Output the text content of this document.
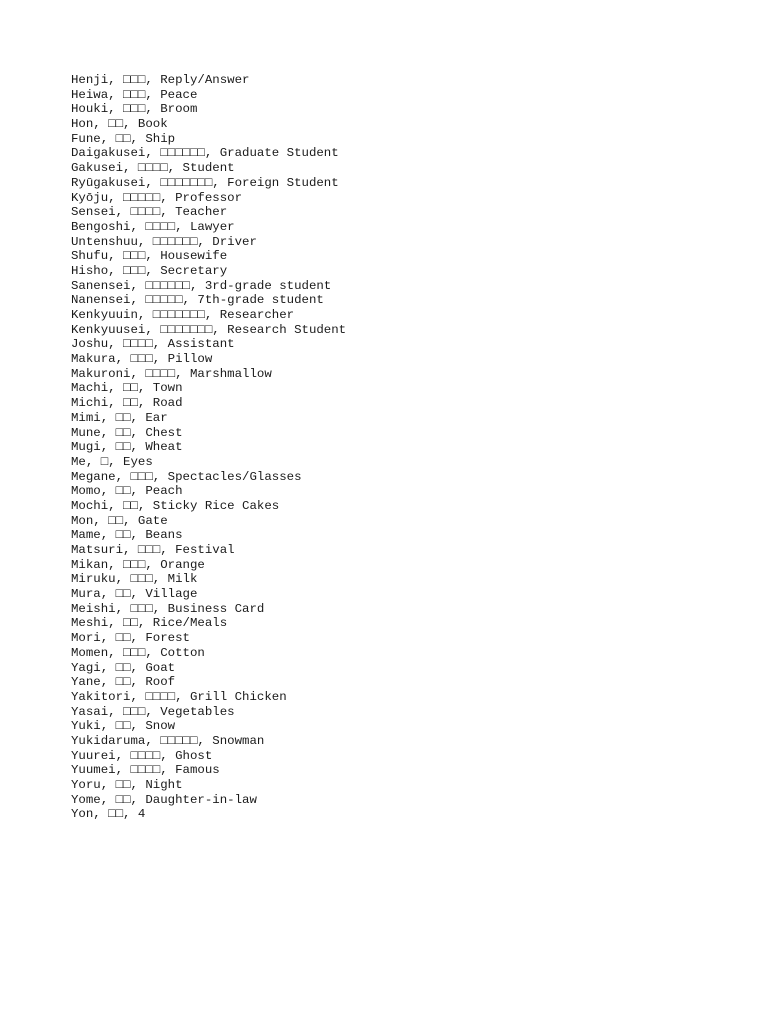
Henji, □□□, Reply/Answer
Heiwa, □□□, Peace
Houki, □□□, Broom
Hon, □□, Book
Fune, □□, Ship
Daigakusei, □□□□□□, Graduate Student
Gakusei, □□□□, Student
Ryūgakusei, □□□□□□□, Foreign Student
Kyōju, □□□□□, Professor
Sensei, □□□□, Teacher
Bengoshi, □□□□, Lawyer
Untenshuu, □□□□□□, Driver
Shufu, □□□, Housewife
Hisho, □□□, Secretary
Sanensei, □□□□□□, 3rd-grade student
Nanensei, □□□□□, 7th-grade student
Kenkyuuin, □□□□□□□, Researcher
Kenkyuusei, □□□□□□□, Research Student
Joshu, □□□□, Assistant
Makura, □□□, Pillow
Makuroni, □□□□, Marshmallow
Machi, □□, Town
Michi, □□, Road
Mimi, □□, Ear
Mune, □□, Chest
Mugi, □□, Wheat
Me, □, Eyes
Megane, □□□, Spectacles/Glasses
Momo, □□, Peach
Mochi, □□, Sticky Rice Cakes
Mon, □□, Gate
Mame, □□, Beans
Matsuri, □□□, Festival
Mikan, □□□, Orange
Miruku, □□□, Milk
Mura, □□, Village
Meishi, □□□, Business Card
Meshi, □□, Rice/Meals
Mori, □□, Forest
Momen, □□□, Cotton
Yagi, □□, Goat
Yane, □□, Roof
Yakitori, □□□□, Grill Chicken
Yasai, □□□, Vegetables
Yuki, □□, Snow
Yukidaruma, □□□□□, Snowman
Yuurei, □□□□, Ghost
Yuumei, □□□□, Famous
Yoru, □□, Night
Yome, □□, Daughter-in-law
Yon, □□, 4
